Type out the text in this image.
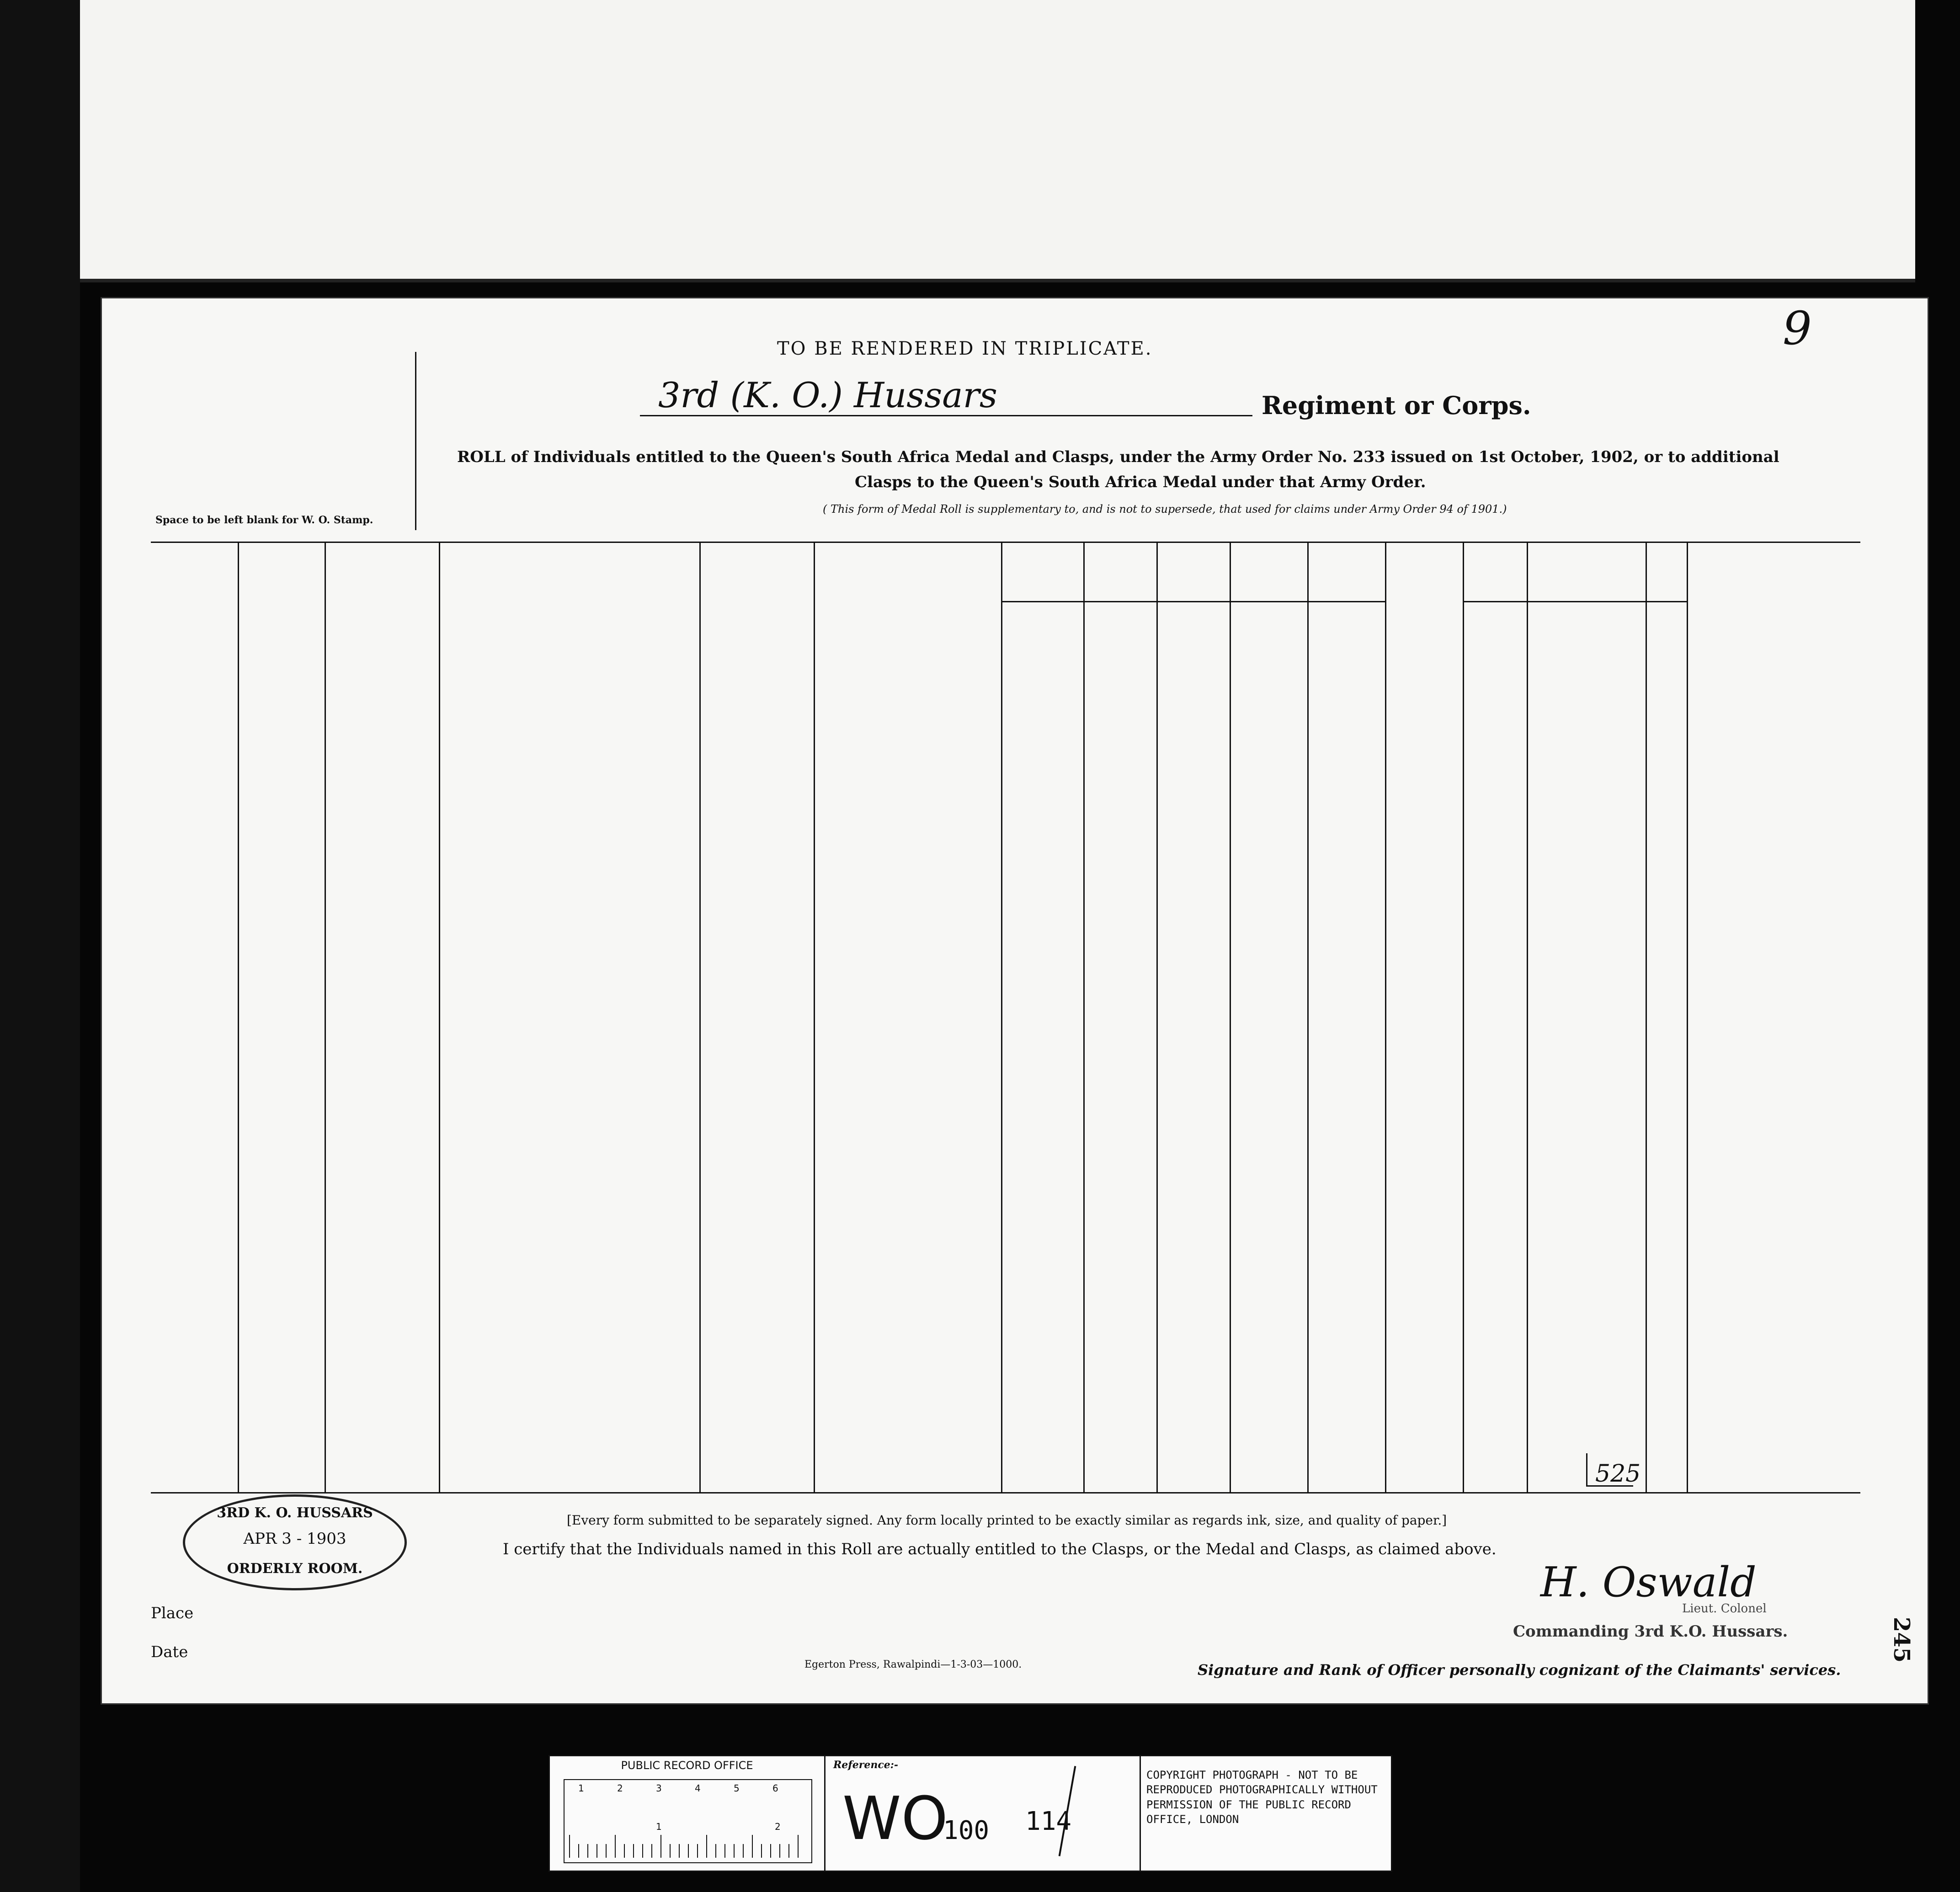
9
TO BE RENDERED IN TRIPLICATE.
3rd (K. O.) Hussars	Regiment or Corps.
ROLL of Individuals entitled to the Queen's South Africa Medal and Clasps, under the Army Order No. 233 issued on 1st October, 1902, or to additional
Clasps to the Queen's South Africa Medal under that Army Order.
( This form of Medal Roll is supplementary to, and is not to supersede, that used for claims under Army Order 94 of 1901.)
Space to be left blank for W. O. Stamp.
525
3RD K. O. HUSSARS
APR 3 - 1903
ORDERLY ROOM.
[Every form submitted to be separately signed. Any form locally printed to be exactly similar as regards ink, size, and quality of paper.]
I certify that the Individuals named in this Roll are actually entitled to the Clasps, or the Medal and Clasps, as claimed above.
Place
Date
Egerton Press, Rawalpindi—1-3-03—1000.
H. Oswald
Lieut. Colonel
Commanding 3rd K.O. Hussars.
Signature and Rank of Officer personally cognizant of the Claimants' services.
245
PUBLIC RECORD OFFICE
1	2	3	4	5	6
1	2
Reference:-
WO
100 114
COPYRIGHT PHOTOGRAPH - NOT TO BE REPRODUCED PHOTOGRAPHICALLY WITHOUT PERMISSION OF THE PUBLIC RECORD OFFICE, LONDON
